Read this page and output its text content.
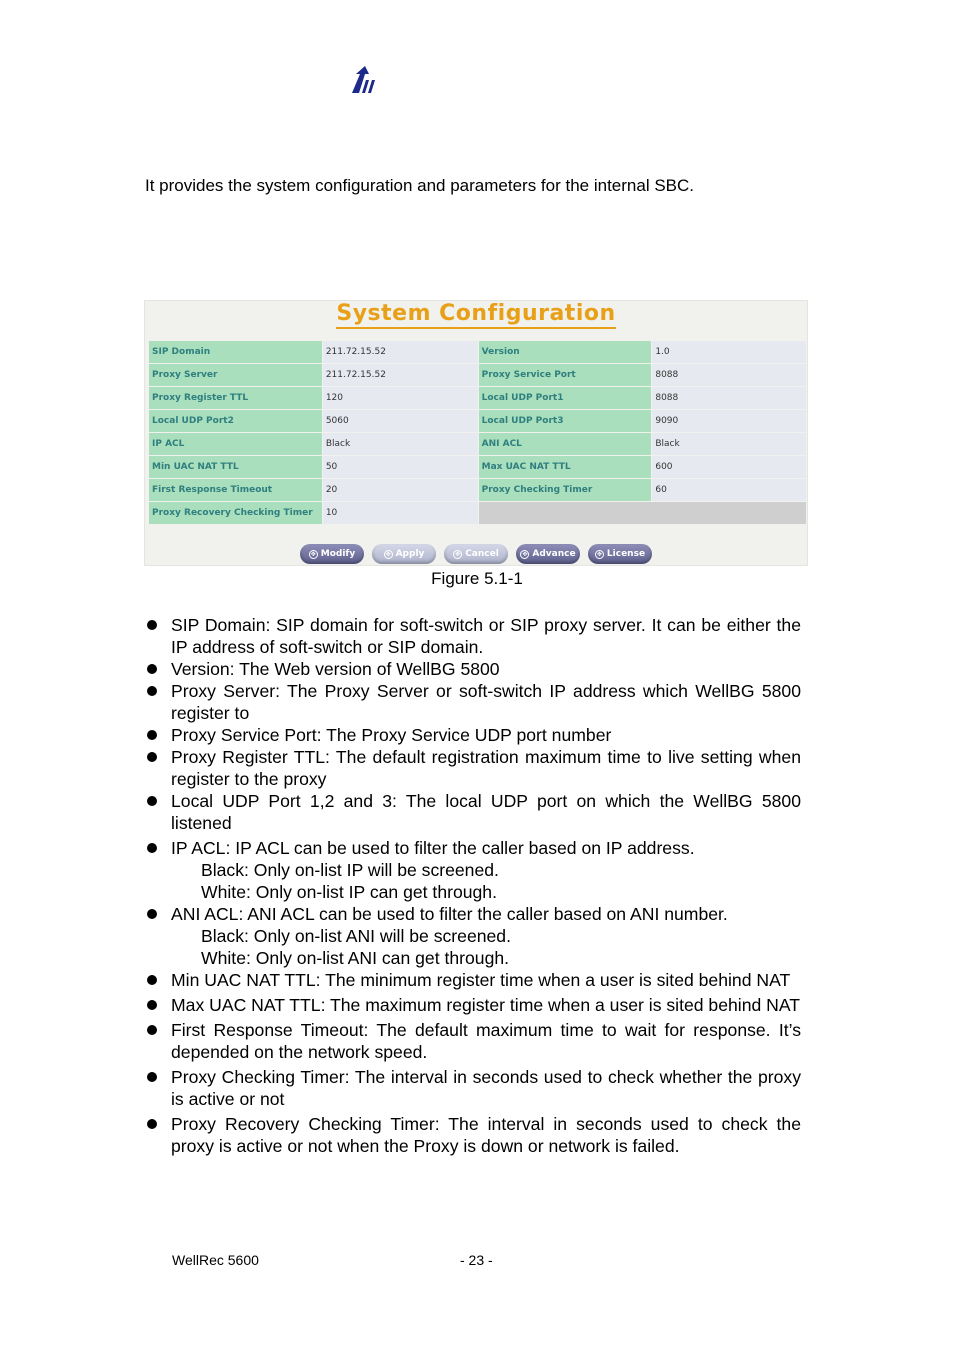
It provides the system configuration and parameters for the internal SBC.
System Configuration
SIP Domain	211.72.15.52	Version	1.0
Proxy Server	211.72.15.52	Proxy Service Port	8088
Proxy Register TTL	120	Local UDP Port1	8088
Local UDP Port2	5060	Local UDP Port3	9090
IP ACL	Black	ANI ACL	Black
Min UAC NAT TTL	50	Max UAC NAT TTL	600
First Response Timeout	20	Proxy Checking Timer	60
Proxy Recovery Checking Timer	10		
✥ Modify	✥ Apply	✥ Cancel	✥ Advance	✥ License
Figure 5.1-1
SIP Domain: SIP domain for soft-switch or SIP proxy server. It can be either the IP address of soft-switch or SIP domain.
Version: The Web version of WellBG 5800
Proxy Server: The Proxy Server or soft-switch IP address which WellBG 5800 register to
Proxy Service Port: The Proxy Service UDP port number
Proxy Register TTL: The default registration maximum time to live setting when register to the proxy
Local UDP Port 1,2 and 3: The local UDP port on which the WellBG 5800 listened
IP ACL: IP ACL can be used to filter the caller based on IP address.
Black: Only on-list IP will be screened.
White: Only on-list IP can get through.
ANI ACL: ANI ACL can be used to filter the caller based on ANI number.
Black: Only on-list ANI will be screened.
White: Only on-list ANI can get through.
Min UAC NAT TTL: The minimum register time when a user is sited behind NAT
Max UAC NAT TTL: The maximum register time when a user is sited behind NAT
First Response Timeout: The default maximum time to wait for response. It’s depended on the network speed.
Proxy Checking Timer: The interval in seconds used to check whether the proxy is active or not
Proxy Recovery Checking Timer: The interval in seconds used to check the proxy is active or not when the Proxy is down or network is failed.
WellRec 5600	- 23 -
